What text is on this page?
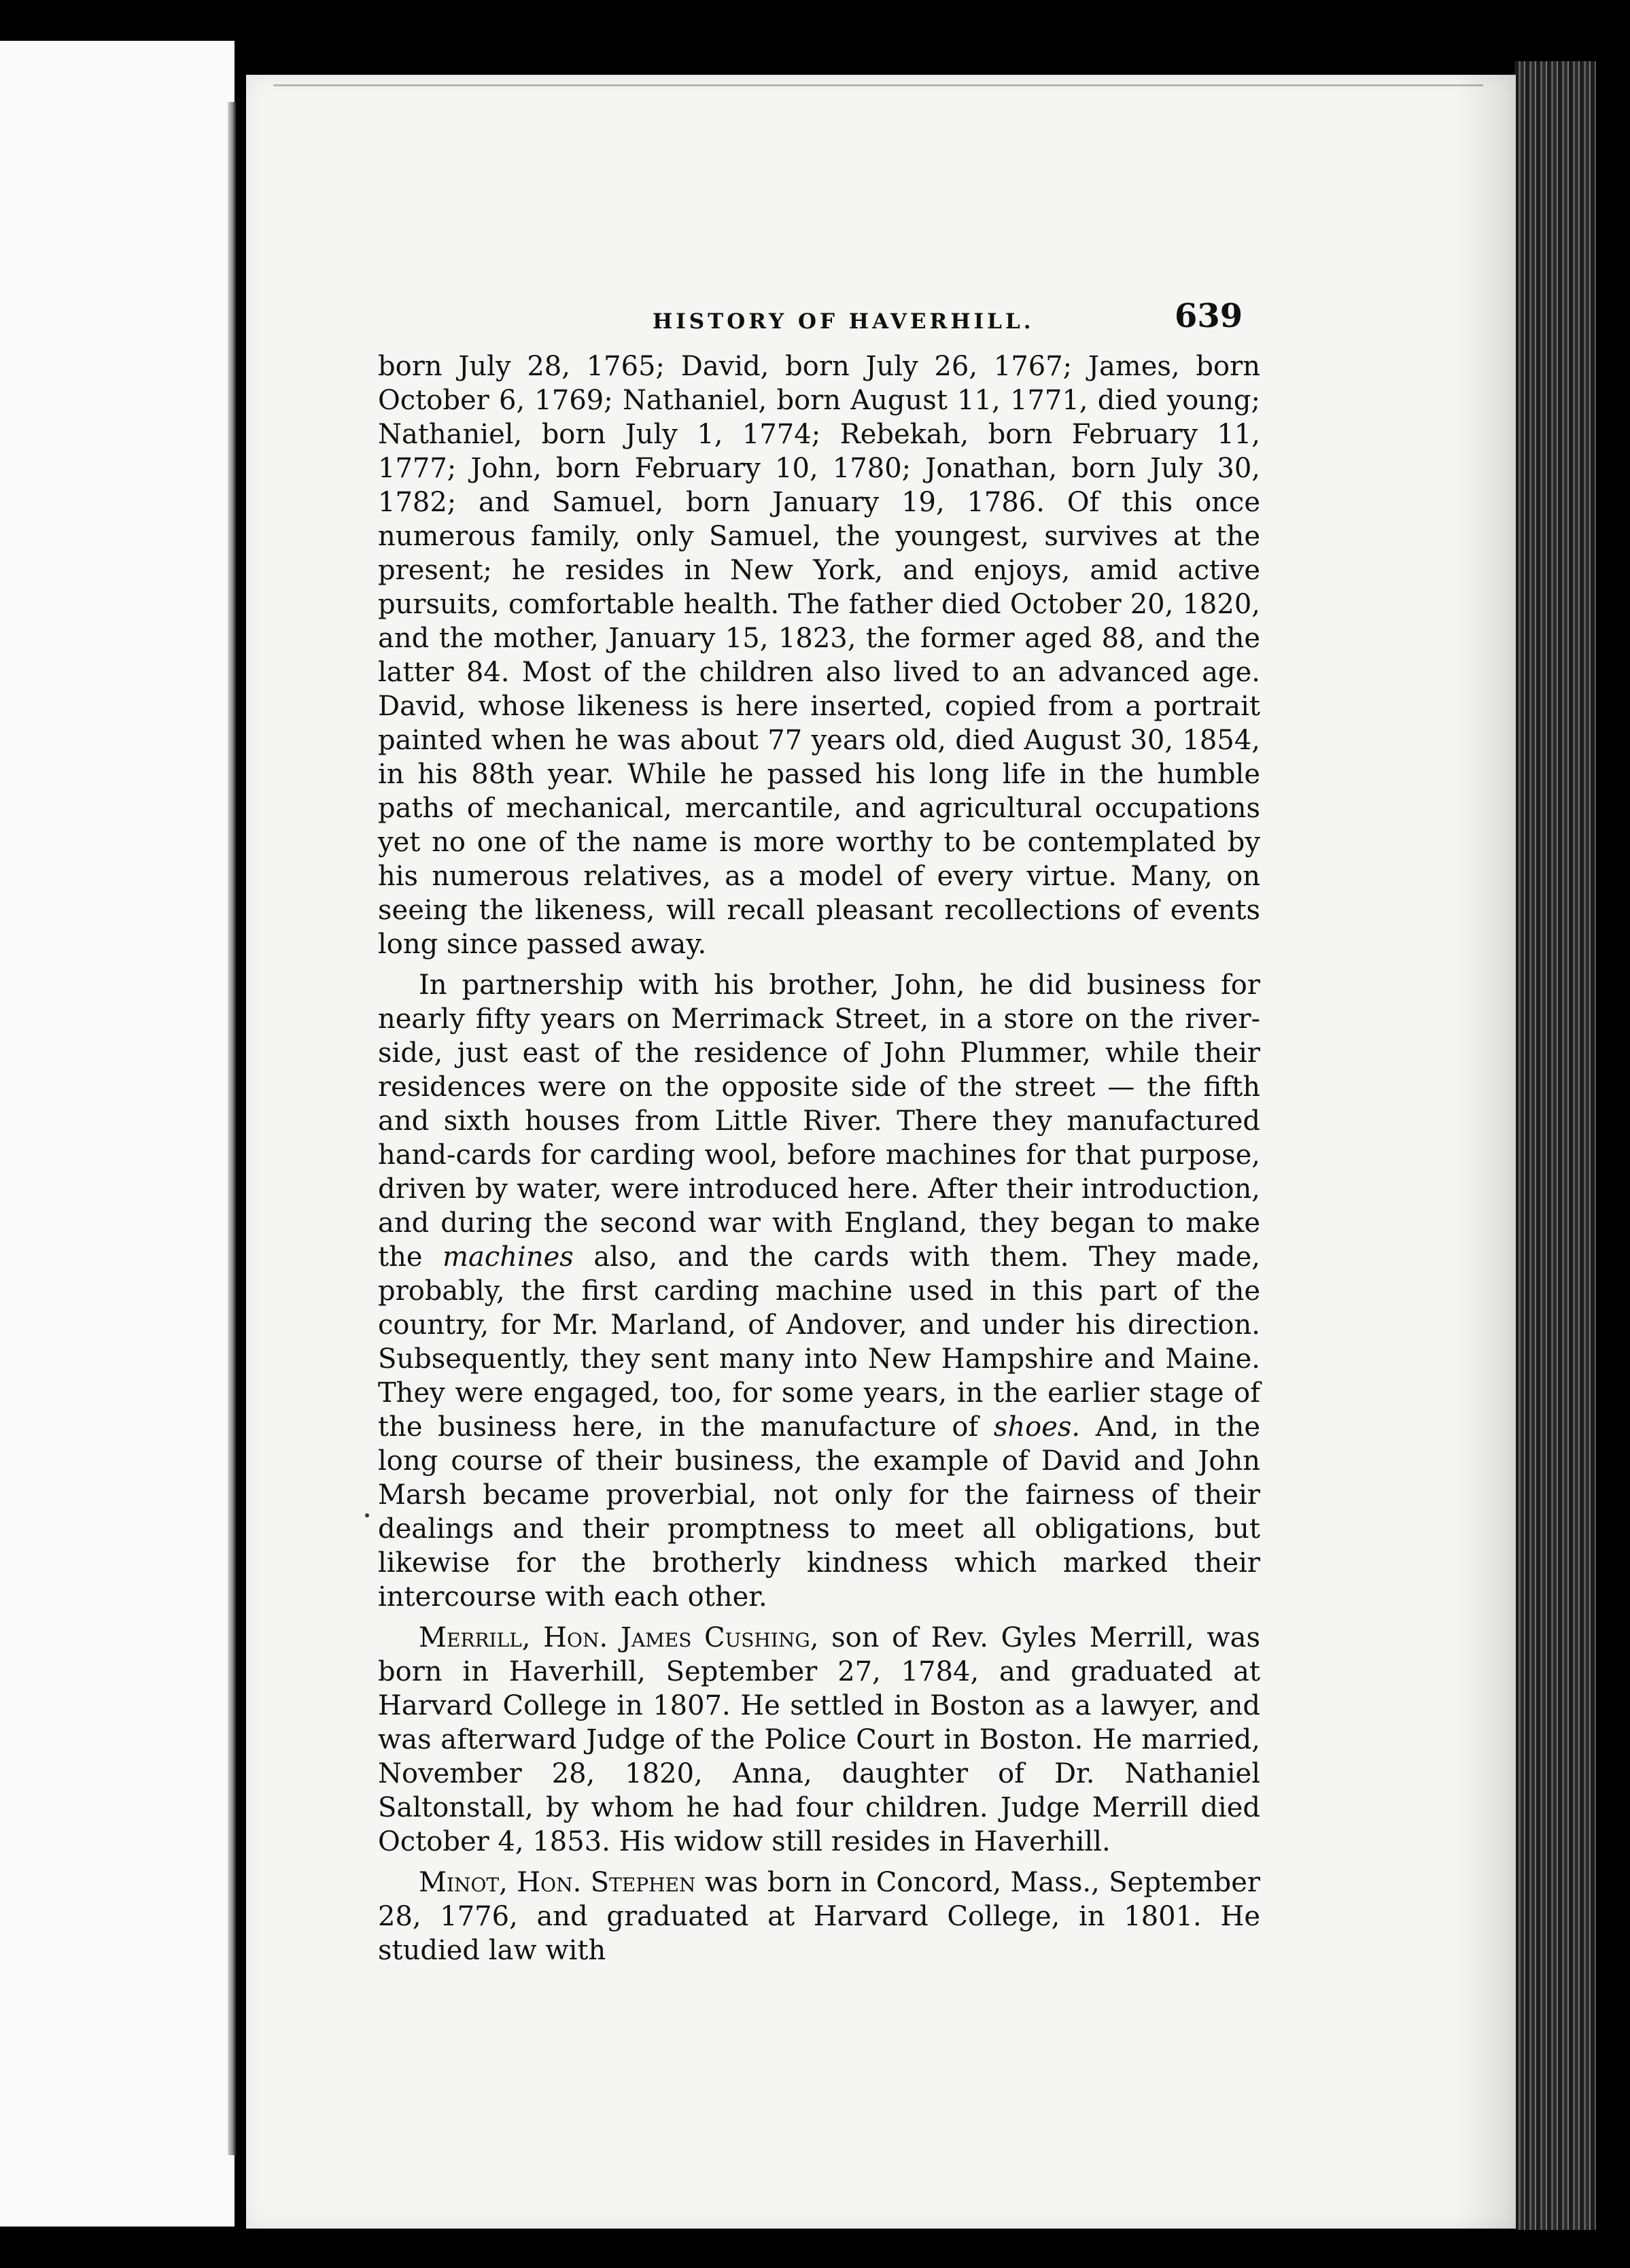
HISTORY OF HAVERHILL.	639

born July 28, 1765; David, born July 26, 1767; James, born October 6, 1769; Nathaniel, born August 11, 1771, died young; Nathaniel, born July 1, 1774; Rebekah, born February 11, 1777; John, born February 10, 1780; Jonathan, born July 30, 1782; and Samuel, born January 19, 1786. Of this once numerous family, only Samuel, the youngest, survives at the present; he resides in New York, and enjoys, amid active pursuits, comfortable health. The father died October 20, 1820, and the mother, January 15, 1823, the former aged 88, and the latter 84. Most of the children also lived to an advanced age. David, whose likeness is here inserted, copied from a portrait painted when he was about 77 years old, died August 30, 1854, in his 88th year. While he passed his long life in the humble paths of mechanical, mercantile, and agricultural occupations yet no one of the name is more worthy to be contemplated by his numerous relatives, as a model of every virtue. Many, on seeing the likeness, will recall pleasant recollections of events long since passed away.

In partnership with his brother, John, he did business for nearly fifty years on Merrimack Street, in a store on the river-side, just east of the residence of John Plummer, while their residences were on the opposite side of the street — the fifth and sixth houses from Little River. There they manufactured hand-cards for carding wool, before machines for that purpose, driven by water, were introduced here. After their introduction, and during the second war with England, they began to make the machines also, and the cards with them. They made, probably, the first carding machine used in this part of the country, for Mr. Marland, of Andover, and under his direction. Subsequently, they sent many into New Hampshire and Maine. They were engaged, too, for some years, in the earlier stage of the business here, in the manufacture of shoes. And, in the long course of their business, the example of David and John Marsh became proverbial, not only for the fairness of their dealings and their promptness to meet all obligations, but likewise for the brotherly kindness which marked their intercourse with each other.

Merrill, Hon. James Cushing, son of Rev. Gyles Merrill, was born in Haverhill, September 27, 1784, and graduated at Harvard College in 1807. He settled in Boston as a lawyer, and was afterward Judge of the Police Court in Boston. He married, November 28, 1820, Anna, daughter of Dr. Nathaniel Saltonstall, by whom he had four children. Judge Merrill died October 4, 1853. His widow still resides in Haverhill.

Minot, Hon. Stephen was born in Concord, Mass., September 28, 1776, and graduated at Harvard College, in 1801. He studied law with
